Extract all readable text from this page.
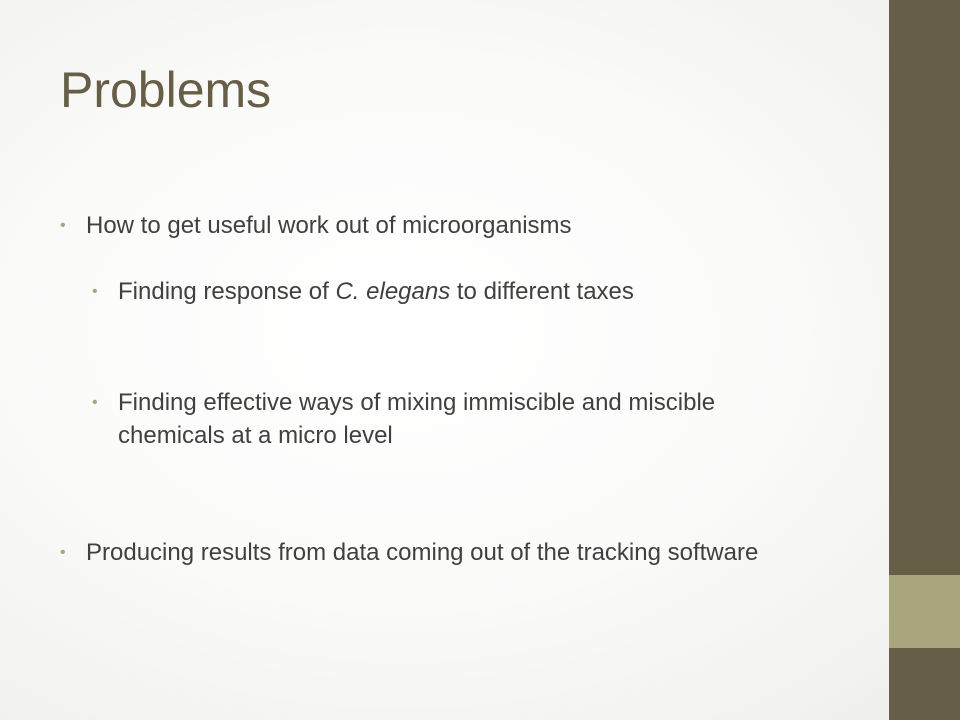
Problems
• How to get useful work out of microorganisms
• Finding response of C. elegans to different taxes
• Finding effective ways of mixing immiscible and miscible chemicals at a micro level
• Producing results from data coming out of the tracking software
